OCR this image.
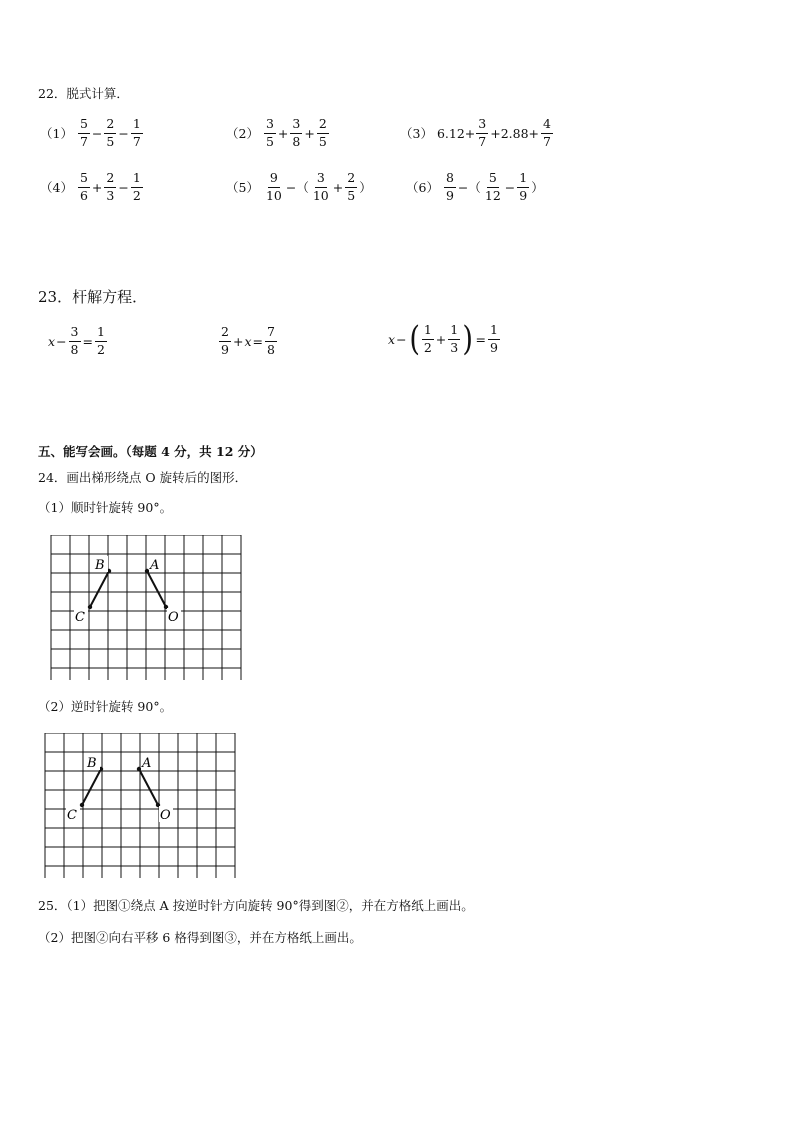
22．脱式计算．
$(1) \frac{5}{7} - \frac{2}{5} - \frac{1}{7}$	$(2) \frac{3}{5} + \frac{3}{8} + \frac{2}{5}$	（3） $6.12+ \frac{3}{7} +2.88+ \frac{4}{7}$
$(4) \frac{5}{6} + \frac{2}{3} - \frac{1}{2}$	$(5) \frac{9}{10}$ −（ $\frac{3}{10} + \frac{2}{5}$ ）	$(6) \frac{8}{9}$ −（ $\frac{5}{12} - \frac{1}{9}$ ）
23．杆解方程．
$x - \frac{3}{8} = \frac{1}{2}$	$\frac{2}{9} + x = \frac{7}{8}$	x − ( $\frac{1}{2} + \frac{1}{3}$ ) = $\frac{1}{9}$
五、能写会画。（每题 4 分，共 12 分）
24．画出梯形绕点 O 旋转后的图形．
（1）顺时针旋转 90°。
B	A
C	O
（2）逆时针旋转 90°。
B	A
C	O
25．（1）把图①绕点 A 按逆时针方向旋转 90°得到图②，并在方格纸上画出。
（2）把图②向右平移 6 格得到图③，并在方格纸上画出。
